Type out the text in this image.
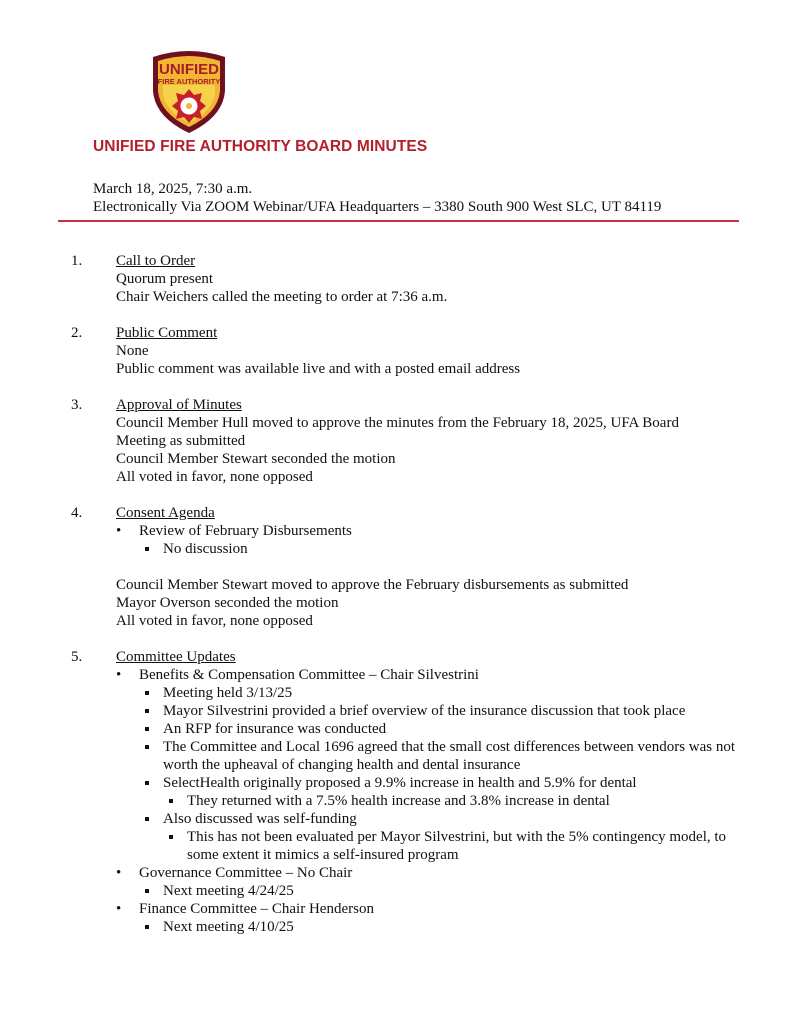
UNIFIED
FIRE AUTHORITY
UNIFIED FIRE AUTHORITY BOARD MINUTES
March 18, 2025, 7:30 a.m.
Electronically Via ZOOM Webinar/UFA Headquarters – 3380 South 900 West SLC, UT 84119
1. Call to Order
Quorum present
Chair Weichers called the meeting to order at 7:36 a.m.
2. Public Comment
None
Public comment was available live and with a posted email address
3. Approval of Minutes
Council Member Hull moved to approve the minutes from the February 18, 2025, UFA Board Meeting as submitted
Council Member Stewart seconded the motion
All voted in favor, none opposed
4. Consent Agenda
• Review of February Disbursements
No discussion
Council Member Stewart moved to approve the February disbursements as submitted
Mayor Overson seconded the motion
All voted in favor, none opposed
5. Committee Updates
• Benefits & Compensation Committee – Chair Silvestrini
Meeting held 3/13/25
Mayor Silvestrini provided a brief overview of the insurance discussion that took place
An RFP for insurance was conducted
The Committee and Local 1696 agreed that the small cost differences between vendors was not worth the upheaval of changing health and dental insurance
SelectHealth originally proposed a 9.9% increase in health and 5.9% for dental
They returned with a 7.5% health increase and 3.8% increase in dental
Also discussed was self-funding
This has not been evaluated per Mayor Silvestrini, but with the 5% contingency model, to some extent it mimics a self-insured program
• Governance Committee – No Chair
Next meeting 4/24/25
• Finance Committee – Chair Henderson
Next meeting 4/10/25
